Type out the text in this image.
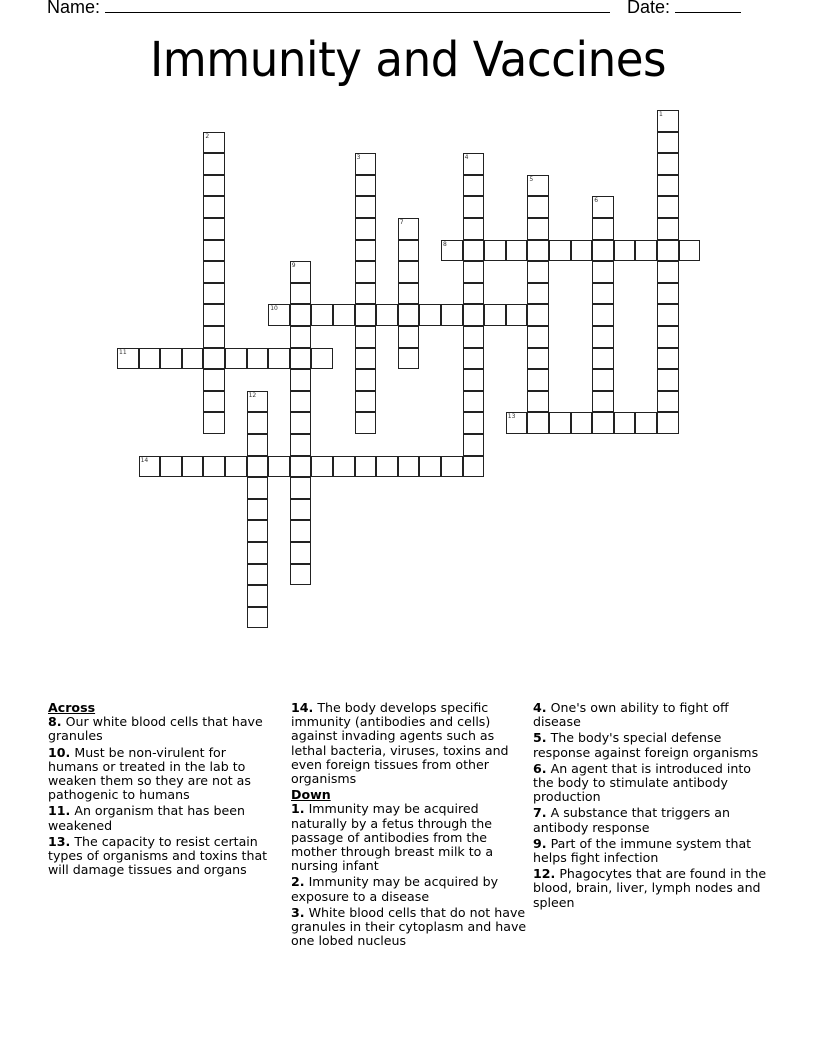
Name:	Date:
Immunity and Vaccines
1
2
3	4
5
6
7
8
9
10
11
12
13
14
Across
8. Our white blood cells that have granules
10. Must be non-virulent for humans or treated in the lab to weaken them so they are not as pathogenic to humans
11. An organism that has been weakened
13. The capacity to resist certain types of organisms and toxins that will damage tissues and organs
14. The body develops specific immunity (antibodies and cells) against invading agents such as lethal bacteria, viruses, toxins and even foreign tissues from other organisms
Down
1. Immunity may be acquired naturally by a fetus through the passage of antibodies from the mother through breast milk to a nursing infant
2. Immunity may be acquired by exposure to a disease
3. White blood cells that do not have granules in their cytoplasm and have one lobed nucleus
4. One's own ability to fight off disease
5. The body's special defense response against foreign organisms
6. An agent that is introduced into the body to stimulate antibody production
7. A substance that triggers an antibody response
9. Part of the immune system that helps fight infection
12. Phagocytes that are found in the blood, brain, liver, lymph nodes and spleen
